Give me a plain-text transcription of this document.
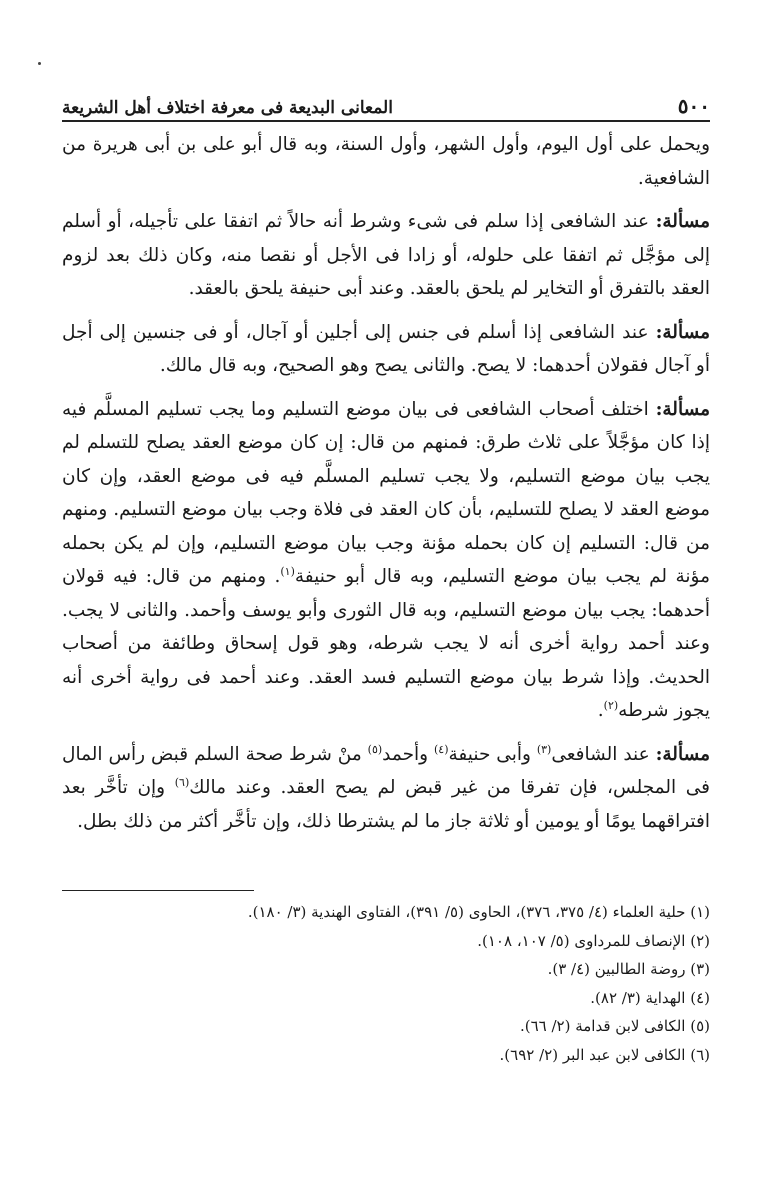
٥٠٠
المعانى البديعة فى معرفة اختلاف أهل الشريعة

ويحمل على أول اليوم، وأول الشهر، وأول السنة، وبه قال أبو على بن أبى هريرة من الشافعية.

مسألة: عند الشافعى إذا سلم فى شىء وشرط أنه حالاً ثم اتفقا على تأجيله، أو أسلم إلى مؤجَّل ثم اتفقا على حلوله، أو زادا فى الأجل أو نقصا منه، وكان ذلك بعد لزوم العقد بالتفرق أو التخاير لم يلحق بالعقد. وعند أبى حنيفة يلحق بالعقد.

مسألة: عند الشافعى إذا أسلم فى جنس إلى أجلين أو آجال، أو فى جنسين إلى أجل أو آجال فقولان أحدهما: لا يصح. والثانى يصح وهو الصحيح، وبه قال مالك.

مسألة: اختلف أصحاب الشافعى فى بيان موضع التسليم وما يجب تسليم المسلَّم فيه إذا كان مؤجَّلاً على ثلاث طرق: فمنهم من قال: إن كان موضع العقد يصلح للتسلم لم يجب بيان موضع التسليم، ولا يجب تسليم المسلَّم فيه فى موضع العقد، وإن كان موضع العقد لا يصلح للتسليم، بأن كان العقد فى فلاة وجب بيان موضع التسليم. ومنهم من قال: التسليم إن كان بحمله مؤنة وجب بيان موضع التسليم، وإن لم يكن بحمله مؤنة لم يجب بيان موضع التسليم، وبه قال أبو حنيفة$^{(١)}$. ومنهم من قال: فيه قولان أحدهما: يجب بيان موضع التسليم، وبه قال الثورى وأبو يوسف وأحمد. والثانى لا يجب. وعند أحمد رواية أخرى أنه لا يجب شرطه، وهو قول إسحاق وطائفة من أصحاب الحديث. وإذا شرط بيان موضع التسليم فسد العقد. وعند أحمد فى رواية أخرى أنه يجوز شرطه$^{(٢)}$.

مسألة: عند الشافعى$^{(٣)}$ وأبى حنيفة$^{(٤)}$ وأحمد$^{(٥)}$ منْ شرط صحة السلم قبض رأس المال فى المجلس، فإن تفرقا من غير قبض لم يصح العقد. وعند مالك$^{(٦)}$ وإن تأخَّر بعد افتراقهما يومًا أو يومين أو ثلاثة جاز ما لم يشترطا ذلك، وإن تأخَّر أكثر من ذلك بطل.

(١) حلية العلماء (٤/ ٣٧٥، ٣٧٦)، الحاوى (٥/ ٣٩١)، الفتاوى الهندية (٣/ ١٨٠).
(٢) الإنصاف للمرداوى (٥/ ١٠٧، ١٠٨).
(٣) روضة الطالبين (٤/ ٣).
(٤) الهداية (٣/ ٨٢).
(٥) الكافى لابن قدامة (٢/ ٦٦).
(٦) الكافى لابن عبد البر (٢/ ٦٩٢).
